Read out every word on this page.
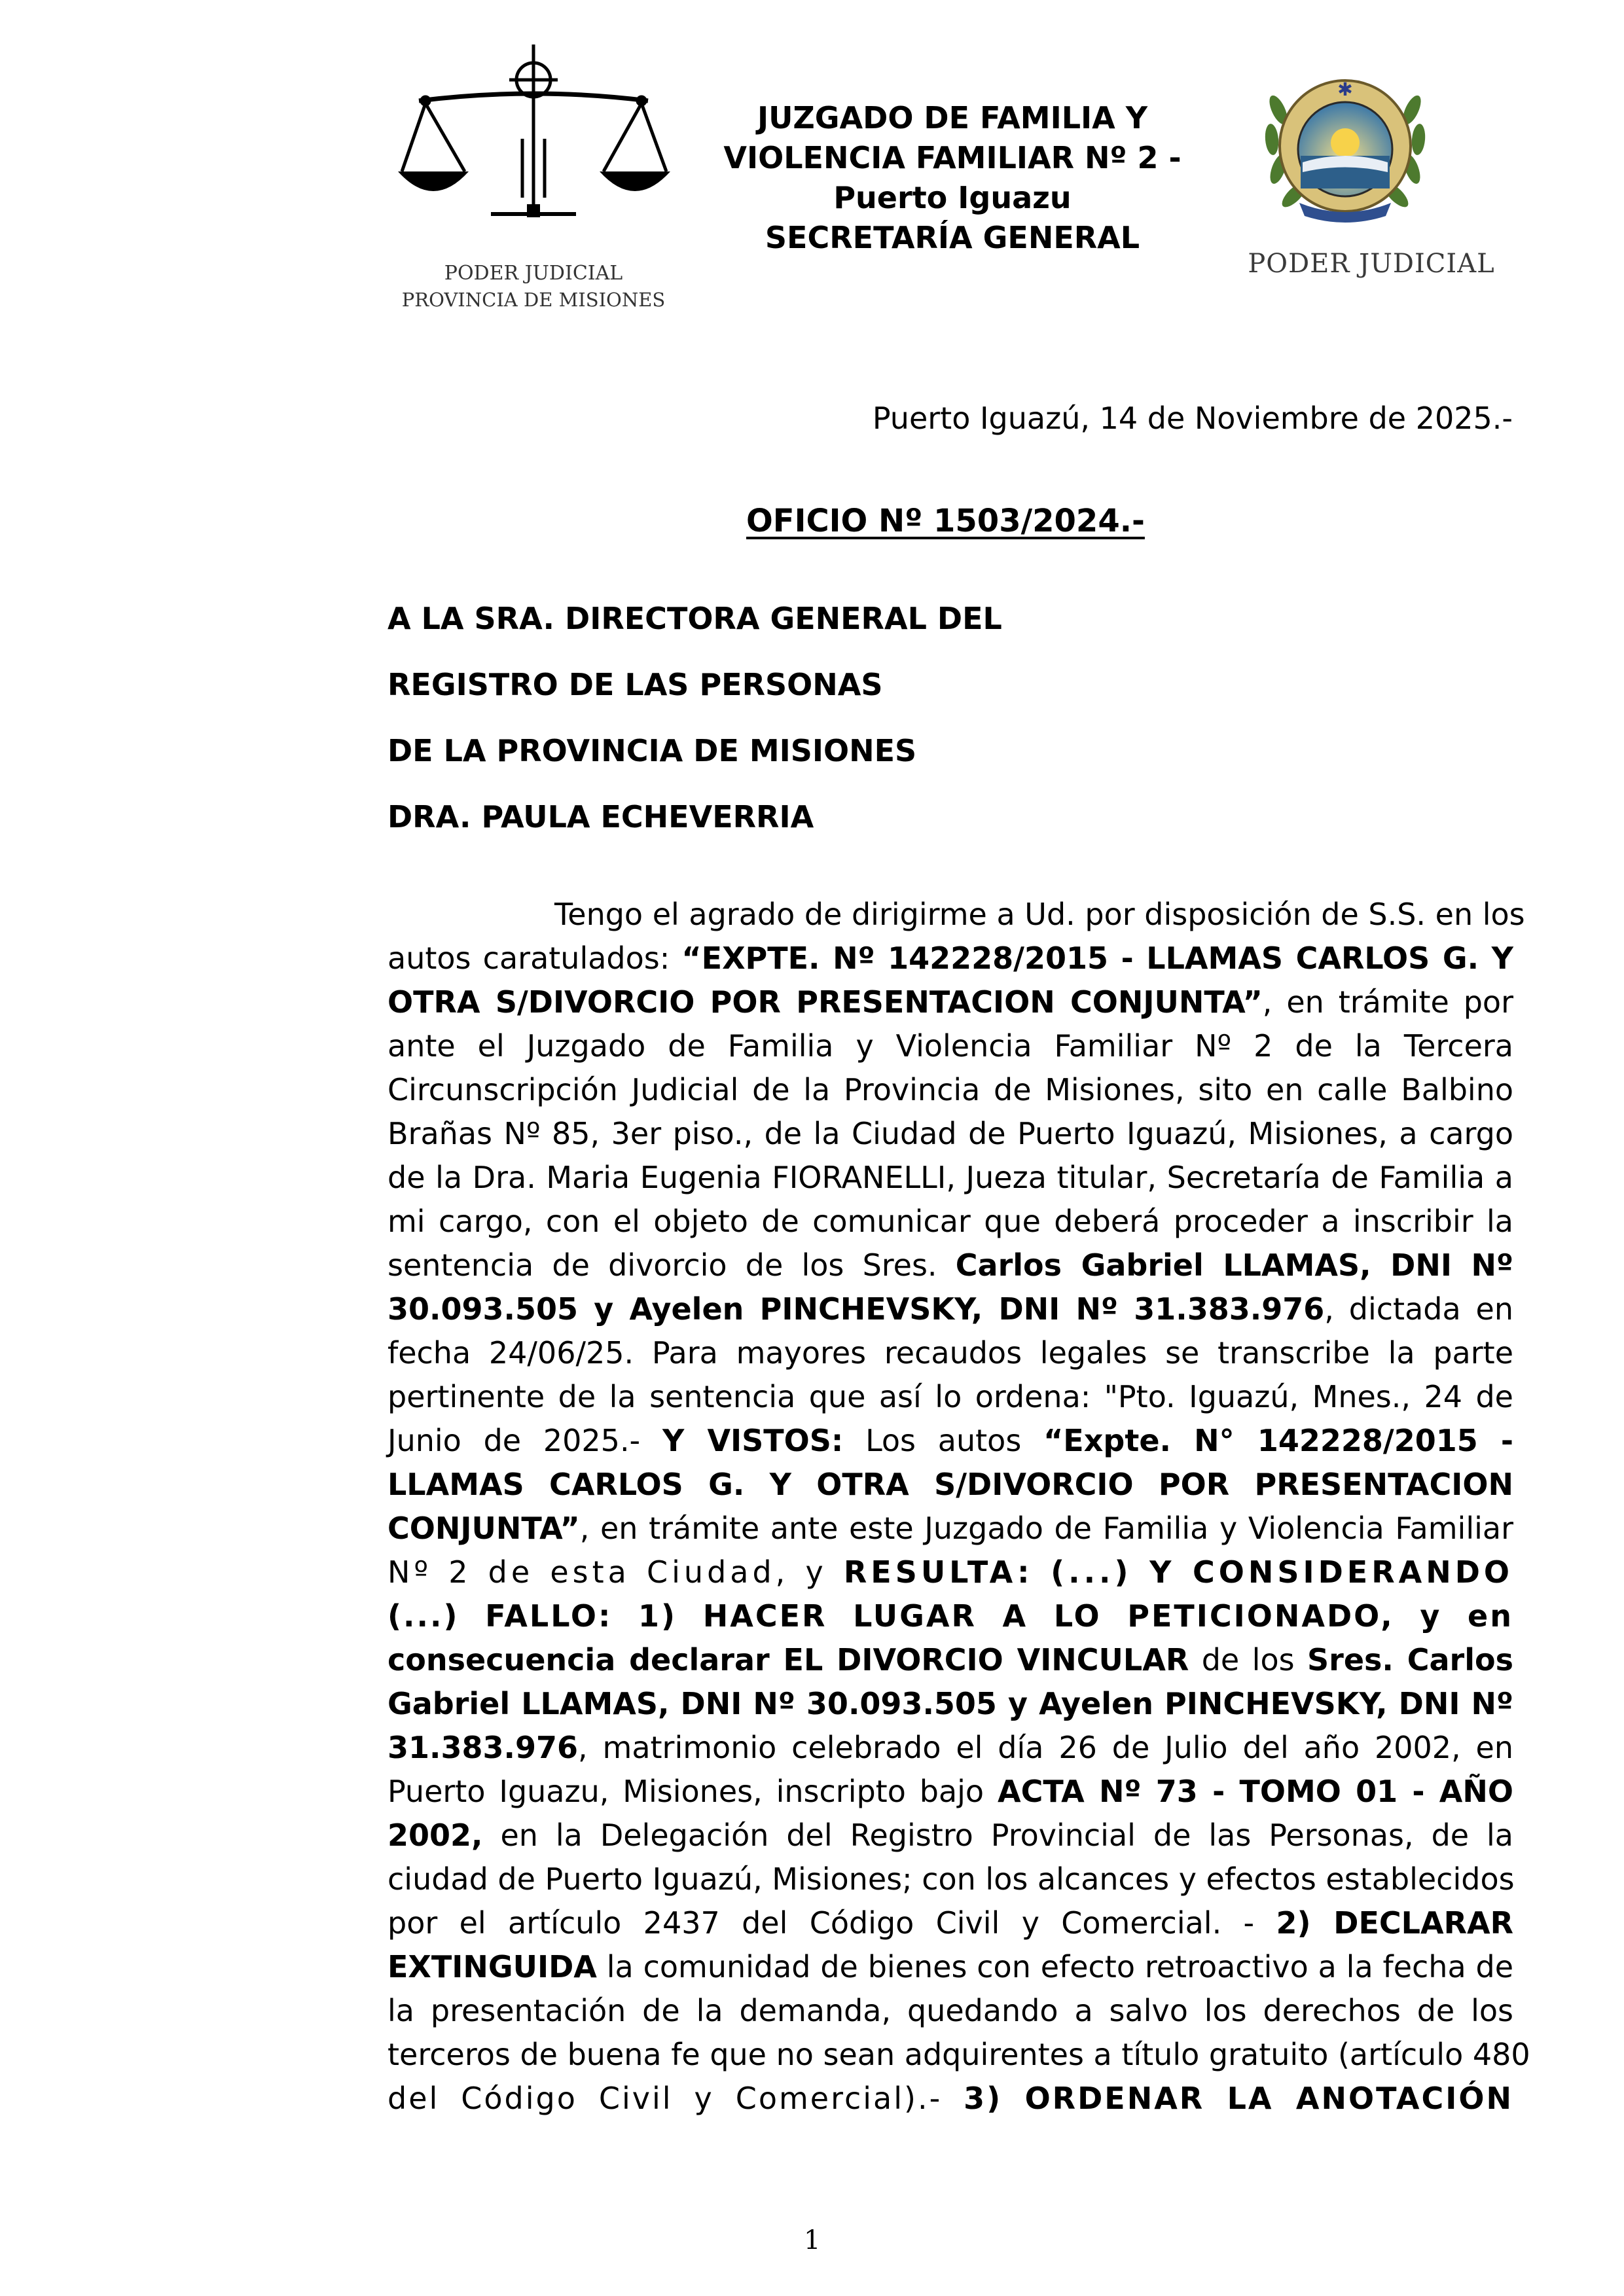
PODER JUDICIAL
PROVINCIA DE MISIONES
JUZGADO DE FAMILIA Y
VIOLENCIA FAMILIAR Nº 2 -
Puerto Iguazu
SECRETARÍA GENERAL
✱
PODER JUDICIAL
Puerto Iguazú, 14 de Noviembre de 2025.-
OFICIO Nº 1503/2024.-
A LA SRA. DIRECTORA GENERAL DEL
REGISTRO DE LAS PERSONAS
DE LA PROVINCIA DE MISIONES
DRA. PAULA ECHEVERRIA
Tengo el agrado de dirigirme a Ud. por disposición de S.S. en los
autos caratulados: “EXPTE. Nº 142228/2015 - LLAMAS CARLOS G. Y
OTRA S/DIVORCIO POR PRESENTACION CONJUNTA”, en trámite por
ante el Juzgado de Familia y Violencia Familiar Nº 2 de la Tercera
Circunscripción Judicial de la Provincia de Misiones, sito en calle Balbino
Brañas Nº 85, 3er piso., de la Ciudad de Puerto Iguazú, Misiones, a cargo
de la Dra. Maria Eugenia FIORANELLI, Jueza titular, Secretaría de Familia a
mi cargo, con el objeto de comunicar que deberá proceder a inscribir la
sentencia de divorcio de los Sres. Carlos Gabriel LLAMAS, DNI Nº
30.093.505 y Ayelen PINCHEVSKY, DNI Nº 31.383.976, dictada en
fecha 24/06/25. Para mayores recaudos legales se transcribe la parte
pertinente de la sentencia que así lo ordena: "Pto. Iguazú, Mnes., 24 de
Junio de 2025.- Y VISTOS: Los autos “Expte. N° 142228/2015 -
LLAMAS CARLOS G. Y OTRA S/DIVORCIO POR PRESENTACION
CONJUNTA”, en trámite ante este Juzgado de Familia y Violencia Familiar
Nº 2 de esta Ciudad, y RESULTA: (...) Y CONSIDERANDO
(...) FALLO: 1) HACER LUGAR A LO PETICIONADO, y en
consecuencia declarar EL DIVORCIO VINCULAR de los Sres. Carlos
Gabriel LLAMAS, DNI Nº 30.093.505 y Ayelen PINCHEVSKY, DNI Nº
31.383.976, matrimonio celebrado el día 26 de Julio del año 2002, en
Puerto Iguazu, Misiones, inscripto bajo ACTA Nº 73 - TOMO 01 - AÑO
2002, en la Delegación del Registro Provincial de las Personas, de la
ciudad de Puerto Iguazú, Misiones; con los alcances y efectos establecidos
por el artículo 2437 del Código Civil y Comercial. - 2) DECLARAR
EXTINGUIDA la comunidad de bienes con efecto retroactivo a la fecha de
la presentación de la demanda, quedando a salvo los derechos de los
terceros de buena fe que no sean adquirentes a título gratuito (artículo 480
del Código Civil y Comercial).- 3) ORDENAR LA ANOTACIÓN
1
